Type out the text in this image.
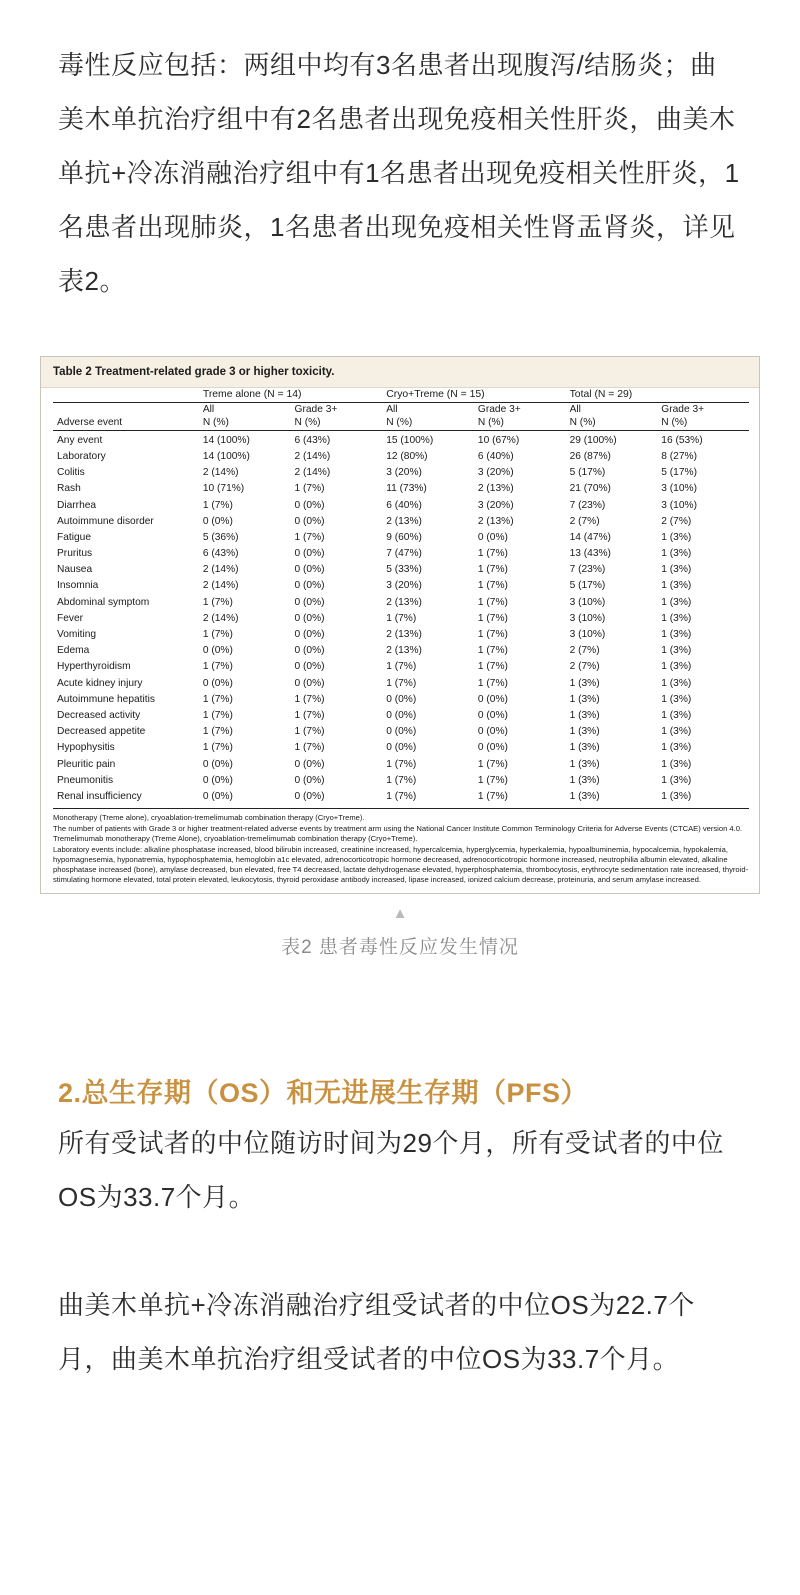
毒性反应包括：两组中均有3名患者出现腹泻/结肠炎；曲美木单抗治疗组中有2名患者出现免疫相关性肝炎，曲美木单抗+冷冻消融治疗组中有1名患者出现免疫相关性肝炎，1名患者出现肺炎，1名患者出现免疫相关性肾盂肾炎，详见表2。

Table 2 Treatment-related grade 3 or higher toxicity.
	Treme alone (N = 14)		Cryo+Treme (N = 15)		Total (N = 29)	
	All	Grade 3+	All	Grade 3+	All	Grade 3+
Adverse event	N (%)	N (%)	N (%)	N (%)	N (%)	N (%)
Any event	14 (100%)	6 (43%)	15 (100%)	10 (67%)	29 (100%)	16 (53%)
Laboratory	14 (100%)	2 (14%)	12 (80%)	6 (40%)	26 (87%)	8 (27%)
Colitis	2 (14%)	2 (14%)	3 (20%)	3 (20%)	5 (17%)	5 (17%)
Rash	10 (71%)	1 (7%)	11 (73%)	2 (13%)	21 (70%)	3 (10%)
Diarrhea	1 (7%)	0 (0%)	6 (40%)	3 (20%)	7 (23%)	3 (10%)
Autoimmune disorder	0 (0%)	0 (0%)	2 (13%)	2 (13%)	2 (7%)	2 (7%)
Fatigue	5 (36%)	1 (7%)	9 (60%)	0 (0%)	14 (47%)	1 (3%)
Pruritus	6 (43%)	0 (0%)	7 (47%)	1 (7%)	13 (43%)	1 (3%)
Nausea	2 (14%)	0 (0%)	5 (33%)	1 (7%)	7 (23%)	1 (3%)
Insomnia	2 (14%)	0 (0%)	3 (20%)	1 (7%)	5 (17%)	1 (3%)
Abdominal symptom	1 (7%)	0 (0%)	2 (13%)	1 (7%)	3 (10%)	1 (3%)
Fever	2 (14%)	0 (0%)	1 (7%)	1 (7%)	3 (10%)	1 (3%)
Vomiting	1 (7%)	0 (0%)	2 (13%)	1 (7%)	3 (10%)	1 (3%)
Edema	0 (0%)	0 (0%)	2 (13%)	1 (7%)	2 (7%)	1 (3%)
Hyperthyroidism	1 (7%)	0 (0%)	1 (7%)	1 (7%)	2 (7%)	1 (3%)
Acute kidney injury	0 (0%)	0 (0%)	1 (7%)	1 (7%)	1 (3%)	1 (3%)
Autoimmune hepatitis	1 (7%)	1 (7%)	0 (0%)	0 (0%)	1 (3%)	1 (3%)
Decreased activity	1 (7%)	1 (7%)	0 (0%)	0 (0%)	1 (3%)	1 (3%)
Decreased appetite	1 (7%)	1 (7%)	0 (0%)	0 (0%)	1 (3%)	1 (3%)
Hypophysitis	1 (7%)	1 (7%)	0 (0%)	0 (0%)	1 (3%)	1 (3%)
Pleuritic pain	0 (0%)	0 (0%)	1 (7%)	1 (7%)	1 (3%)	1 (3%)
Pneumonitis	0 (0%)	0 (0%)	1 (7%)	1 (7%)	1 (3%)	1 (3%)
Renal insufficiency	0 (0%)	0 (0%)	1 (7%)	1 (7%)	1 (3%)	1 (3%)

Monotherapy (Treme alone), cryoablation-tremelimumab combination therapy (Cryo+Treme).

The number of patients with Grade 3 or higher treatment-related adverse events by treatment arm using the National Cancer Institute Common Terminology Criteria for Adverse Events (CTCAE) version 4.0. Tremelimumab monotherapy (Treme Alone), cryoablation-tremelimumab combination therapy (Cryo+Treme).

Laboratory events include: alkaline phosphatase increased, blood bilirubin increased, creatinine increased, hypercalcemia, hyperglycemia, hyperkalemia, hypoalbuminemia, hypocalcemia, hypokalemia, hypomagnesemia, hyponatremia, hypophosphatemia, hemoglobin a1c elevated, adrenocorticotropic hormone decreased, adrenocorticotropic hormone increased, neutrophilia albumin elevated, alkaline phosphatase increased (bone), amylase decreased, bun elevated, free T4 decreased, lactate dehydrogenase elevated, hyperphosphatemia, thrombocytosis, erythrocyte sedimentation rate increased, thyroid-stimulating hormone elevated, total protein elevated, leukocytosis, thyroid peroxidase antibody increased, lipase increased, ionized calcium decrease, proteinuria, and serum amylase increased.

▲
表2 患者毒性反应发生情况
2.总生存期（OS）和无进展生存期（PFS）

所有受试者的中位随访时间为29个月，所有受试者的中位OS为33.7个月。

曲美木单抗+冷冻消融治疗组受试者的中位OS为22.7个月，曲美木单抗治疗组受试者的中位OS为33.7个月。
